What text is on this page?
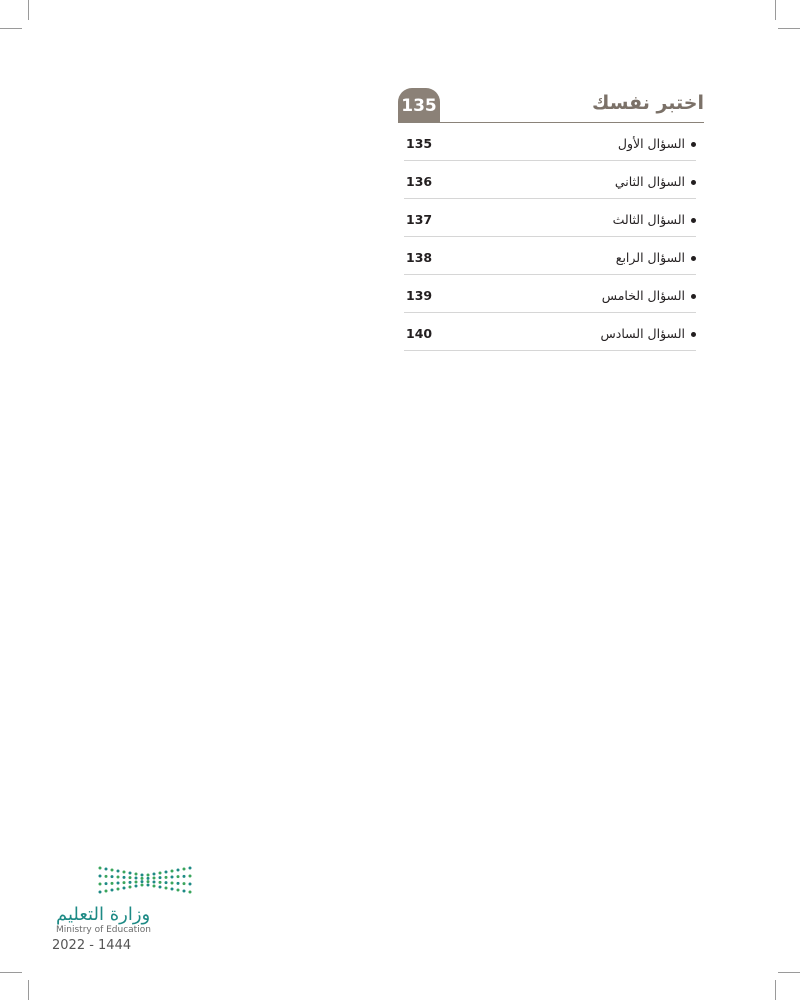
135	اختبر نفسك
السؤال الأول
135
السؤال الثاني
136
السؤال الثالث
137
السؤال الرابع
138
السؤال الخامس
139
السؤال السادس
140
وزارة التعليم
Ministry of Education
2022 - 1444
